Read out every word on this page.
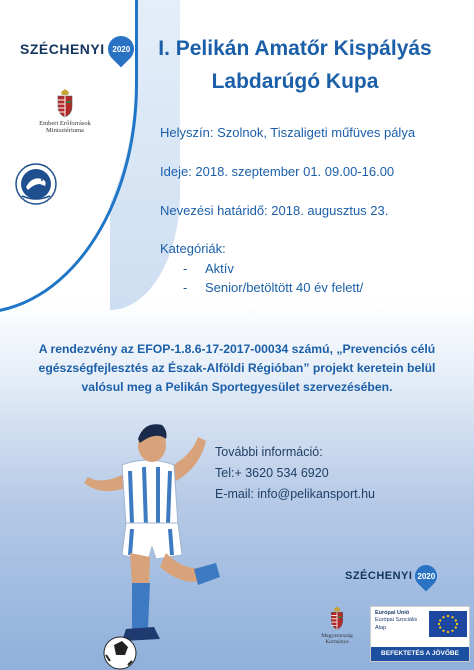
SZÉCHENYI 2020
Emberi Erőforrások
Minisztériuma
I. Pelikán Amatőr Kispályás
Labdarúgó Kupa
Helyszín: Szolnok, Tiszaligeti műfüves pálya
Ideje: 2018. szeptember 01. 09.00-16.00
Nevezési határidő: 2018. augusztus 23.
Kategóriák:
- Aktív
- Senior/betöltött 40 év felett/
A rendezvény az EFOP-1.8.6-17-2017-00034 számú, „Prevenciós célú
egészségfejlesztés az Észak-Alföldi Régióban” projekt keretein belül
valósul meg a Pelikán Sportegyesület szervezésében.
További információ:
Tel:+ 3620 534 6920
E-mail: info@pelikansport.hu
SZÉCHENYI 2020
Magyarország
Kormánya
Európai Unió
Európai Szociális
Alap
BEFEKTETÉS A JÖVŐBE
